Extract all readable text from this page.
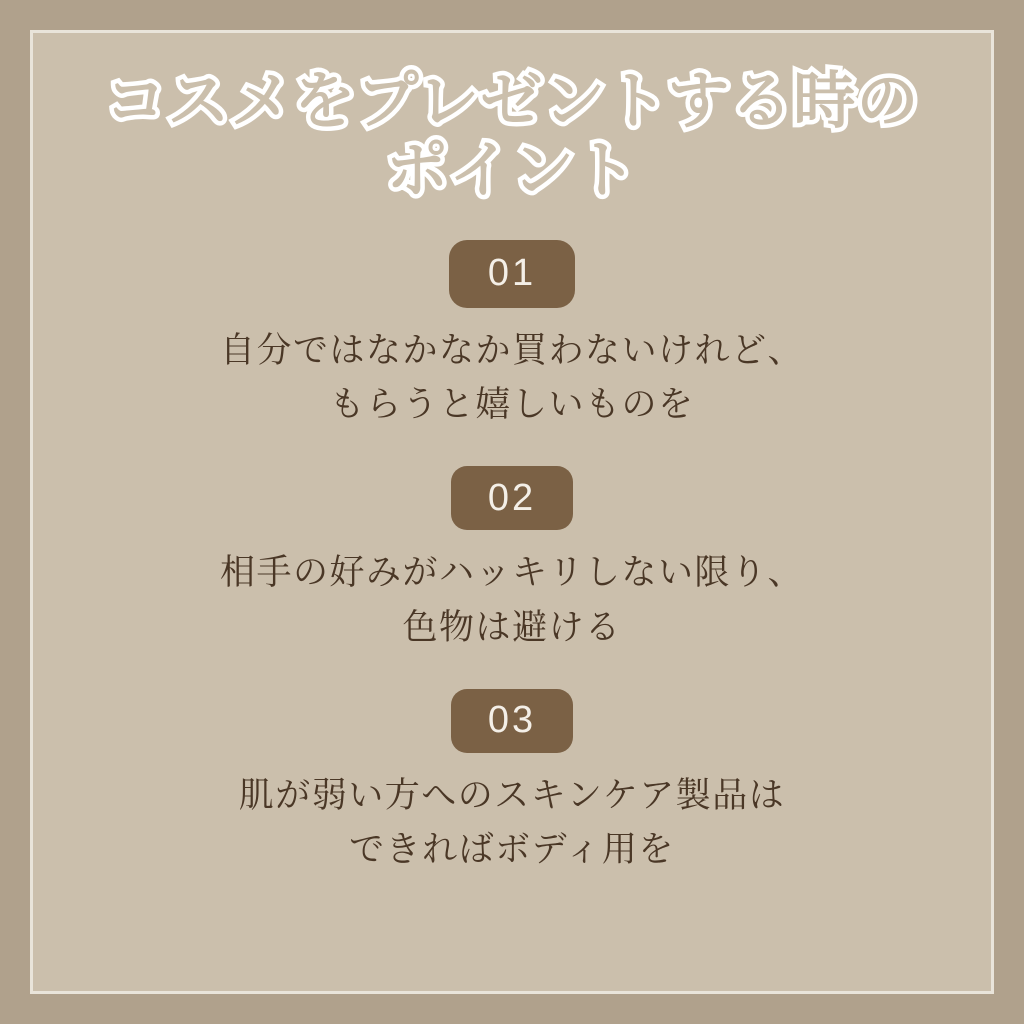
コスメをプレゼントする時の
ポイント
01
自分ではなかなか買わないけれど、
もらうと嬉しいものを
02
相手の好みがハッキリしない限り、
色物は避ける
03
肌が弱い方へのスキンケア製品は
できればボディ用を
